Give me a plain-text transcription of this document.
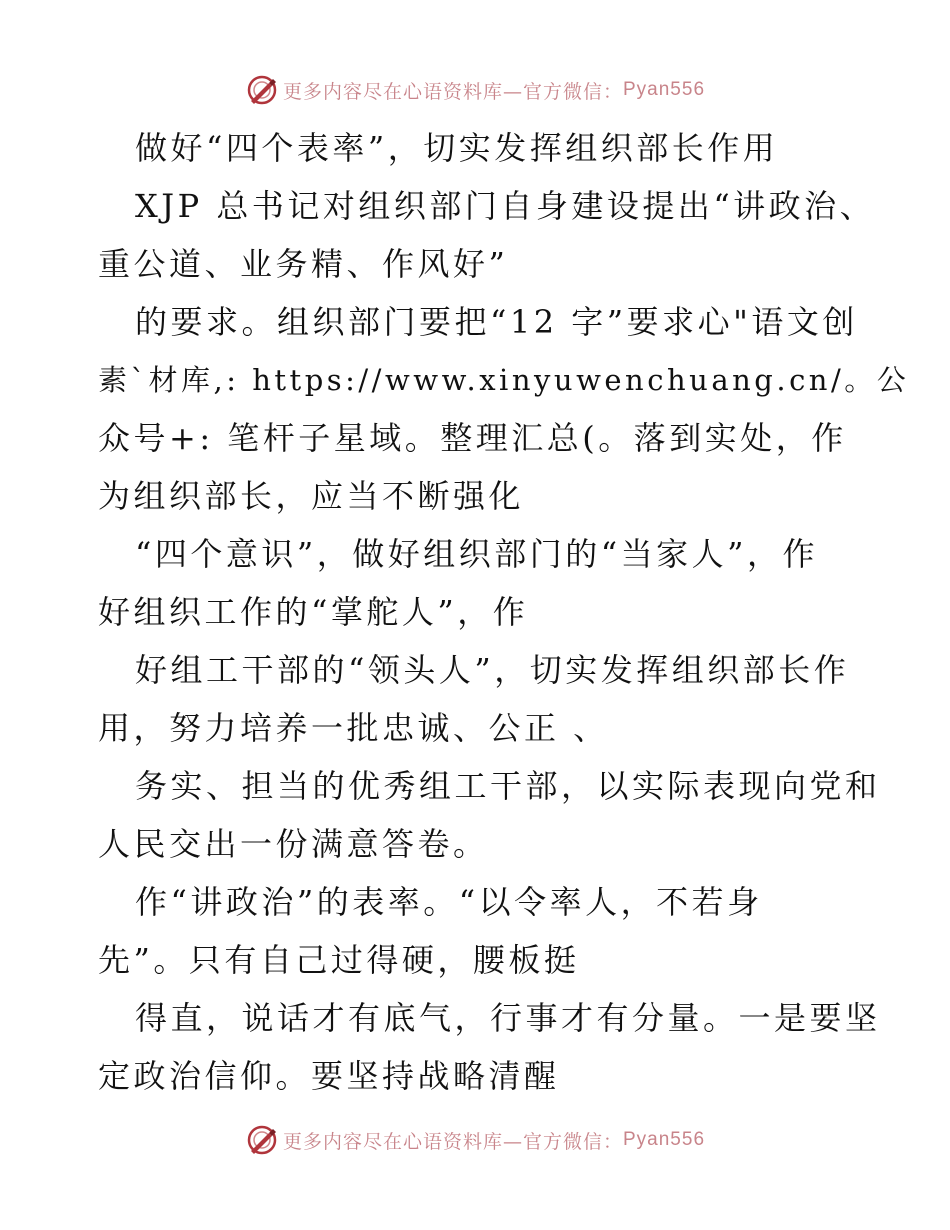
更多内容尽在心语资料库—官方微信： Pyan556
做好“四个表率”，切实发挥组织部长作用
XJP 总书记对组织部门自身建设提出“讲政治、
重公道、业务精、作风好”
的要求。组织部门要把“12 字”要求心"语文创
素`材库,: https://www.xinyuwenchuang.cn/。公
众号+: 笔杆子星域。整理汇总(。落到实处，作
为组织部长，应当不断强化
“四个意识”，做好组织部门的“当家人”，作
好组织工作的“掌舵人”，作
好组工干部的“领头人”，切实发挥组织部长作
用，努力培养一批忠诚、公正 、
务实、担当的优秀组工干部，以实际表现向党和
人民交出一份满意答卷。
作“讲政治”的表率。“以令率人，不若身
先”。只有自己过得硬，腰板挺
得直，说话才有底气，行事才有分量。一是要坚
定政治信仰。要坚持战略清醒
更多内容尽在心语资料库—官方微信： Pyan556
